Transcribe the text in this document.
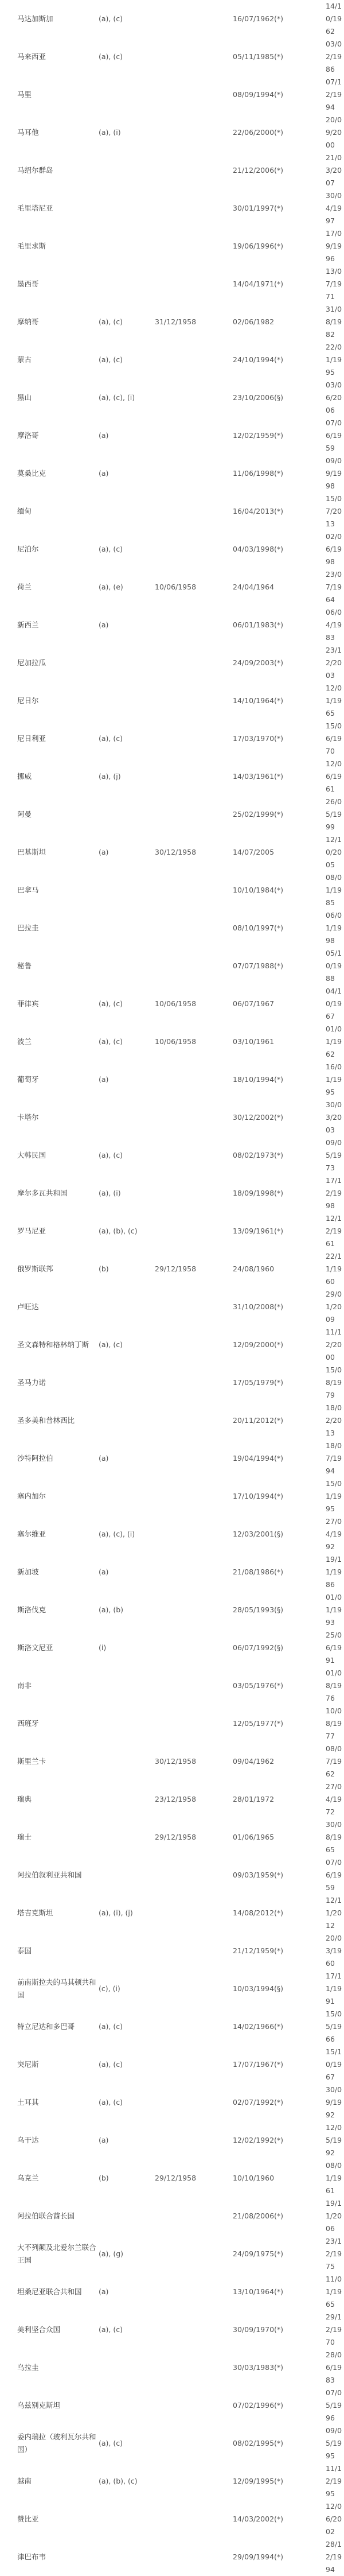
马达加斯加	(a), (c)		16/07/1962(*)	14/10/1962
马来西亚	(a), (c)		05/11/1985(*)	03/02/1986
马里			08/09/1994(*)	07/12/1994
马耳他	(a), (i)		22/06/2000(*)	20/09/2000
马绍尔群岛			21/12/2006(*)	21/03/2007
毛里塔尼亚			30/01/1997(*)	30/04/1997
毛里求斯			19/06/1996(*)	17/09/1996
墨西哥			14/04/1971(*)	13/07/1971
摩纳哥	(a), (c)	31/12/1958	02/06/1982	31/08/1982
蒙古	(a), (c)		24/10/1994(*)	22/01/1995
黑山	(a), (c), (i)		23/10/2006(§)	03/06/2006
摩洛哥	(a)		12/02/1959(*)	07/06/1959
莫桑比克	(a)		11/06/1998(*)	09/09/1998
缅甸			16/04/2013(*)	15/07/2013
尼泊尔	(a), (c)		04/03/1998(*)	02/06/1998
荷兰	(a), (e)	10/06/1958	24/04/1964	23/07/1964
新西兰	(a)		06/01/1983(*)	06/04/1983
尼加拉瓜			24/09/2003(*)	23/12/2003
尼日尔			14/10/1964(*)	12/01/1965
尼日利亚	(a), (c)		17/03/1970(*)	15/06/1970
挪威	(a), (j)		14/03/1961(*)	12/06/1961
阿曼			25/02/1999(*)	26/05/1999
巴基斯坦	(a)	30/12/1958	14/07/2005	12/10/2005
巴拿马			10/10/1984(*)	08/01/1985
巴拉圭			08/10/1997(*)	06/01/1998
秘鲁			07/07/1988(*)	05/10/1988
菲律宾	(a), (c)	10/06/1958	06/07/1967	04/10/1967
波兰	(a), (c)	10/06/1958	03/10/1961	01/01/1962
葡萄牙	(a)		18/10/1994(*)	16/01/1995
卡塔尔			30/12/2002(*)	30/03/2003
大韩民国	(a), (c)		08/02/1973(*)	09/05/1973
摩尔多瓦共和国	(a), (i)		18/09/1998(*)	17/12/1998
罗马尼亚	(a), (b), (c)		13/09/1961(*)	12/12/1961
俄罗斯联邦	(b)	29/12/1958	24/08/1960	22/11/1960
卢旺达			31/10/2008(*)	29/01/2009
圣文森特和格林纳丁斯	(a), (c)		12/09/2000(*)	11/12/2000
圣马力诺			17/05/1979(*)	15/08/1979
圣多美和普林西比			20/11/2012(*)	18/02/2013
沙特阿拉伯	(a)		19/04/1994(*)	18/07/1994
塞内加尔			17/10/1994(*)	15/01/1995
塞尔维亚	(a), (c), (i)		12/03/2001(§)	27/04/1992
新加坡	(a)		21/08/1986(*)	19/11/1986
斯洛伐克	(a), (b)		28/05/1993(§)	01/01/1993
斯洛文尼亚	(i)		06/07/1992(§)	25/06/1991
南非			03/05/1976(*)	01/08/1976
西班牙			12/05/1977(*)	10/08/1977
斯里兰卡		30/12/1958	09/04/1962	08/07/1962
瑞典		23/12/1958	28/01/1972	27/04/1972
瑞士		29/12/1958	01/06/1965	30/08/1965
阿拉伯叙利亚共和国			09/03/1959(*)	07/06/1959
塔吉克斯坦	(a), (i), (j)		14/08/2012(*)	12/11/2012
泰国			21/12/1959(*)	20/03/1960
前南斯拉夫的马其顿共和国	(c), (i)		10/03/1994(§)	17/11/1991
特立尼达和多巴哥	(a), (c)		14/02/1966(*)	15/05/1966
突尼斯	(a), (c)		17/07/1967(*)	15/10/1967
土耳其	(a), (c)		02/07/1992(*)	30/09/1992
乌干达	(a)		12/02/1992(*)	12/05/1992
乌克兰	(b)	29/12/1958	10/10/1960	08/01/1961
阿拉伯联合酋长国			21/08/2006(*)	19/11/2006
大不列颠及北爱尔兰联合王国	(a), (g)		24/09/1975(*)	23/12/1975
坦桑尼亚联合共和国	(a)		13/10/1964(*)	11/01/1965
美利坚合众国	(a), (c)		30/09/1970(*)	29/12/1970
乌拉圭			30/03/1983(*)	28/06/1983
乌兹别克斯坦			07/02/1996(*)	07/05/1996
委内瑞拉（玻利瓦尔共和国）	(a), (c)		08/02/1995(*)	09/05/1995
越南	(a), (b), (c)		12/09/1995(*)	11/12/1995
赞比亚			14/03/2002(*)	12/06/2002
津巴布韦			29/09/1994(*)	28/12/1994
